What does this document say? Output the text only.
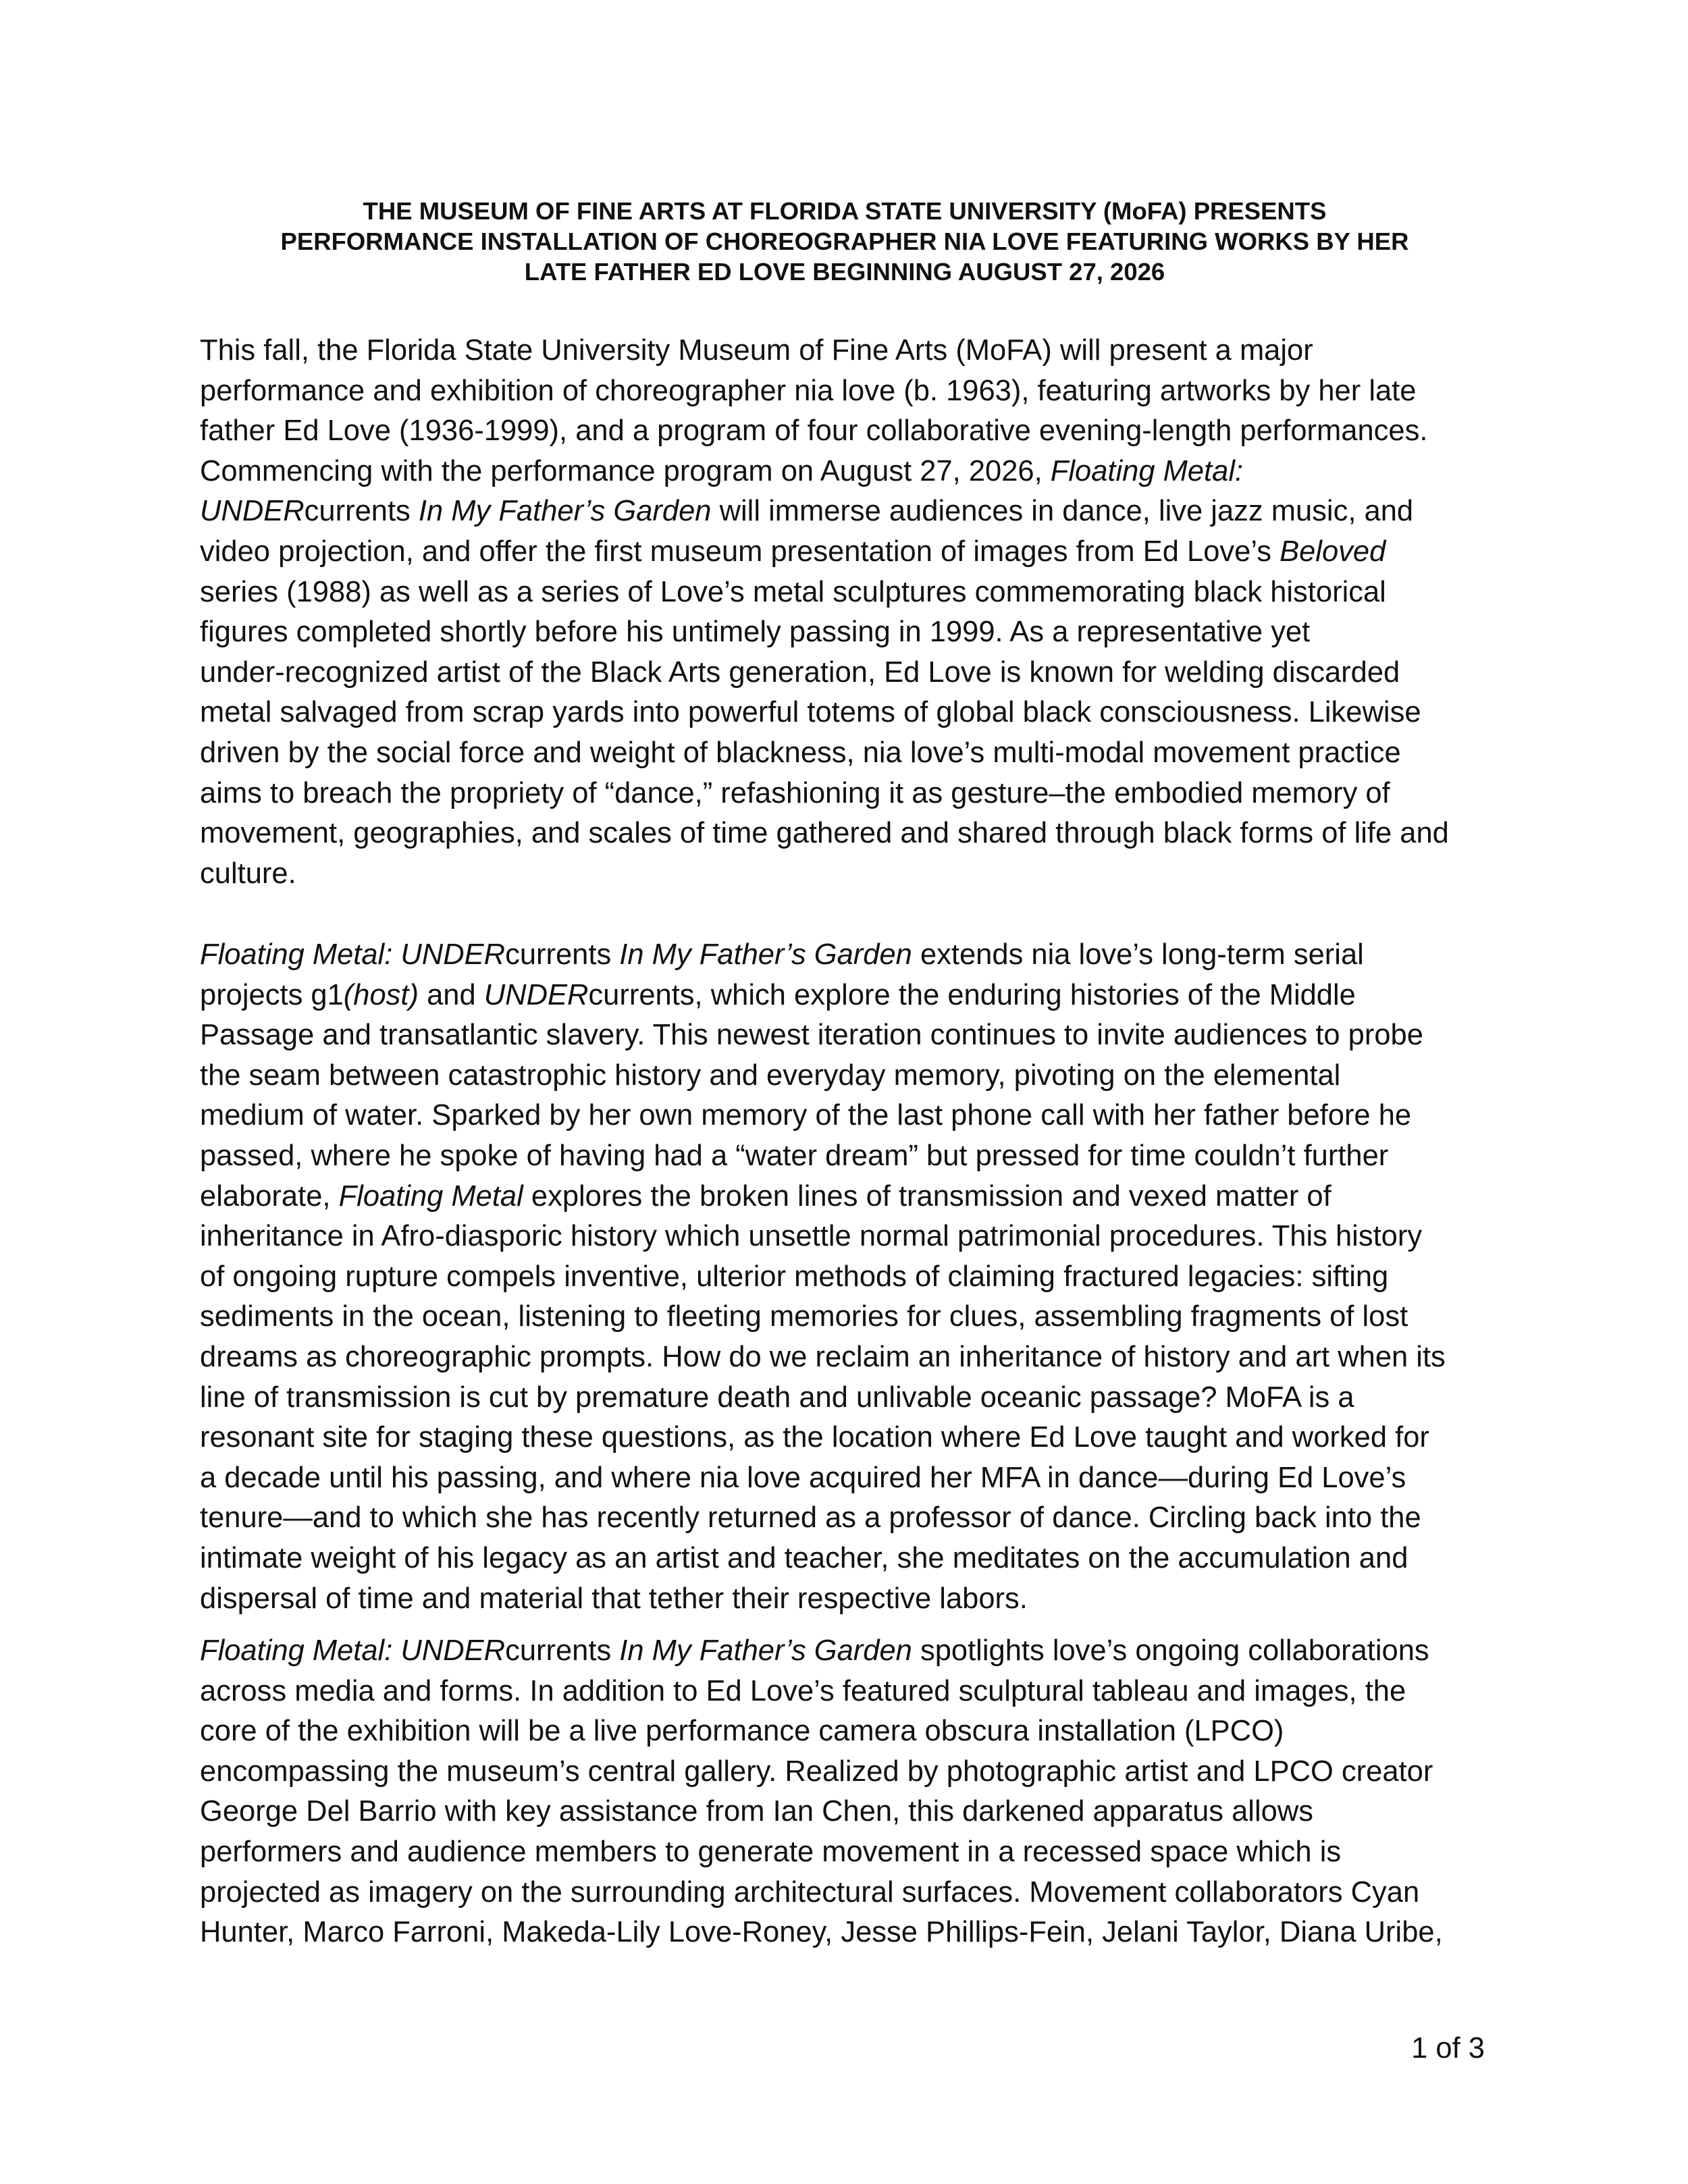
THE MUSEUM OF FINE ARTS AT FLORIDA STATE UNIVERSITY (MoFA) PRESENTS
PERFORMANCE INSTALLATION OF CHOREOGRAPHER NIA LOVE FEATURING WORKS BY HER
LATE FATHER ED LOVE BEGINNING AUGUST 27, 2026
This fall, the Florida State University Museum of Fine Arts (MoFA) will present a major
performance and exhibition of choreographer nia love (b. 1963), featuring artworks by her late
father Ed Love (1936-1999), and a program of four collaborative evening-length performances.
Commencing with the performance program on August 27, 2026, Floating Metal:
UNDERcurrents In My Father’s Garden will immerse audiences in dance, live jazz music, and
video projection, and offer the first museum presentation of images from Ed Love’s Beloved
series (1988) as well as a series of Love’s metal sculptures commemorating black historical
figures completed shortly before his untimely passing in 1999. As a representative yet
under-recognized artist of the Black Arts generation, Ed Love is known for welding discarded
metal salvaged from scrap yards into powerful totems of global black consciousness. Likewise
driven by the social force and weight of blackness, nia love’s multi-modal movement practice
aims to breach the propriety of “dance,” refashioning it as gesture–the embodied memory of
movement, geographies, and scales of time gathered and shared through black forms of life and
culture.
Floating Metal: UNDERcurrents In My Father’s Garden extends nia love’s long-term serial
projects g1(host) and UNDERcurrents, which explore the enduring histories of the Middle
Passage and transatlantic slavery. This newest iteration continues to invite audiences to probe
the seam between catastrophic history and everyday memory, pivoting on the elemental
medium of water. Sparked by her own memory of the last phone call with her father before he
passed, where he spoke of having had a “water dream” but pressed for time couldn’t further
elaborate, Floating Metal explores the broken lines of transmission and vexed matter of
inheritance in Afro-diasporic history which unsettle normal patrimonial procedures. This history
of ongoing rupture compels inventive, ulterior methods of claiming fractured legacies: sifting
sediments in the ocean, listening to fleeting memories for clues, assembling fragments of lost
dreams as choreographic prompts. How do we reclaim an inheritance of history and art when its
line of transmission is cut by premature death and unlivable oceanic passage? MoFA is a
resonant site for staging these questions, as the location where Ed Love taught and worked for
a decade until his passing, and where nia love acquired her MFA in dance—during Ed Love’s
tenure—and to which she has recently returned as a professor of dance. Circling back into the
intimate weight of his legacy as an artist and teacher, she meditates on the accumulation and
dispersal of time and material that tether their respective labors.
Floating Metal: UNDERcurrents In My Father’s Garden spotlights love’s ongoing collaborations
across media and forms. In addition to Ed Love’s featured sculptural tableau and images, the
core of the exhibition will be a live performance camera obscura installation (LPCO)
encompassing the museum’s central gallery. Realized by photographic artist and LPCO creator
George Del Barrio with key assistance from Ian Chen, this darkened apparatus allows
performers and audience members to generate movement in a recessed space which is
projected as imagery on the surrounding architectural surfaces. Movement collaborators Cyan
Hunter, Marco Farroni, Makeda-Lily Love-Roney, Jesse Phillips-Fein, Jelani Taylor, Diana Uribe,
1 of 3
